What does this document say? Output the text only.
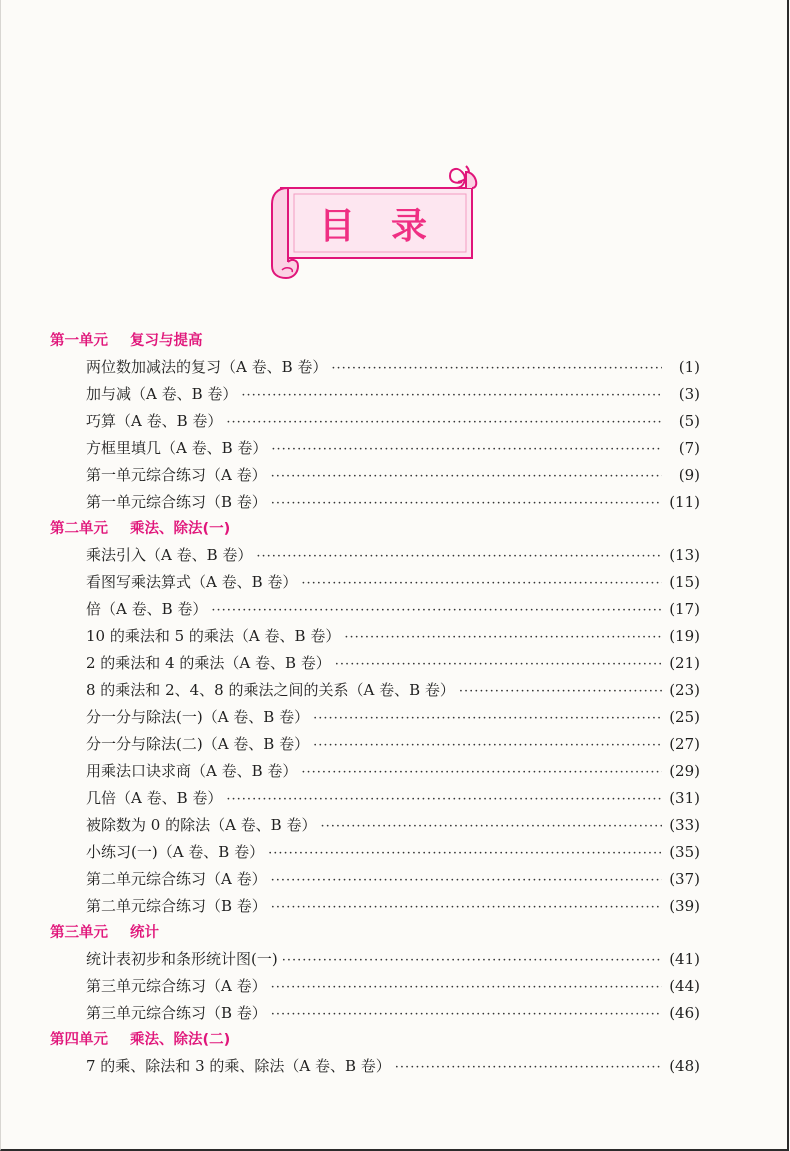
目录
第一单元 复习与提高
两位数加减法的复习（A 卷、B 卷） ·····	(1)
加与减（A 卷、B 卷） ·····	(3)
巧算（A 卷、B 卷） ·····	(5)
方框里填几（A 卷、B 卷） ·····	(7)
第一单元综合练习（A 卷） ·····	(9)
第一单元综合练习（B 卷） ·····	(11)
第二单元 乘法、除法(一)
乘法引入（A 卷、B 卷） ·····	(13)
看图写乘法算式（A 卷、B 卷） ·····	(15)
倍（A 卷、B 卷） ·····	(17)
10 的乘法和 5 的乘法（A 卷、B 卷） ·····	(19)
2 的乘法和 4 的乘法（A 卷、B 卷） ·····	(21)
8 的乘法和 2、4、8 的乘法之间的关系（A 卷、B 卷） ·····	(23)
分一分与除法(一)（A 卷、B 卷） ·····	(25)
分一分与除法(二)（A 卷、B 卷） ·····	(27)
用乘法口诀求商（A 卷、B 卷） ·····	(29)
几倍（A 卷、B 卷） ·····	(31)
被除数为 0 的除法（A 卷、B 卷） ·····	(33)
小练习(一)（A 卷、B 卷） ·····	(35)
第二单元综合练习（A 卷） ·····	(37)
第二单元综合练习（B 卷） ·····	(39)
第三单元 统计
统计表初步和条形统计图(一) ·····	(41)
第三单元综合练习（A 卷） ·····	(44)
第三单元综合练习（B 卷） ·····	(46)
第四单元 乘法、除法(二)
7 的乘、除法和 3 的乘、除法（A 卷、B 卷） ·····	(48)
